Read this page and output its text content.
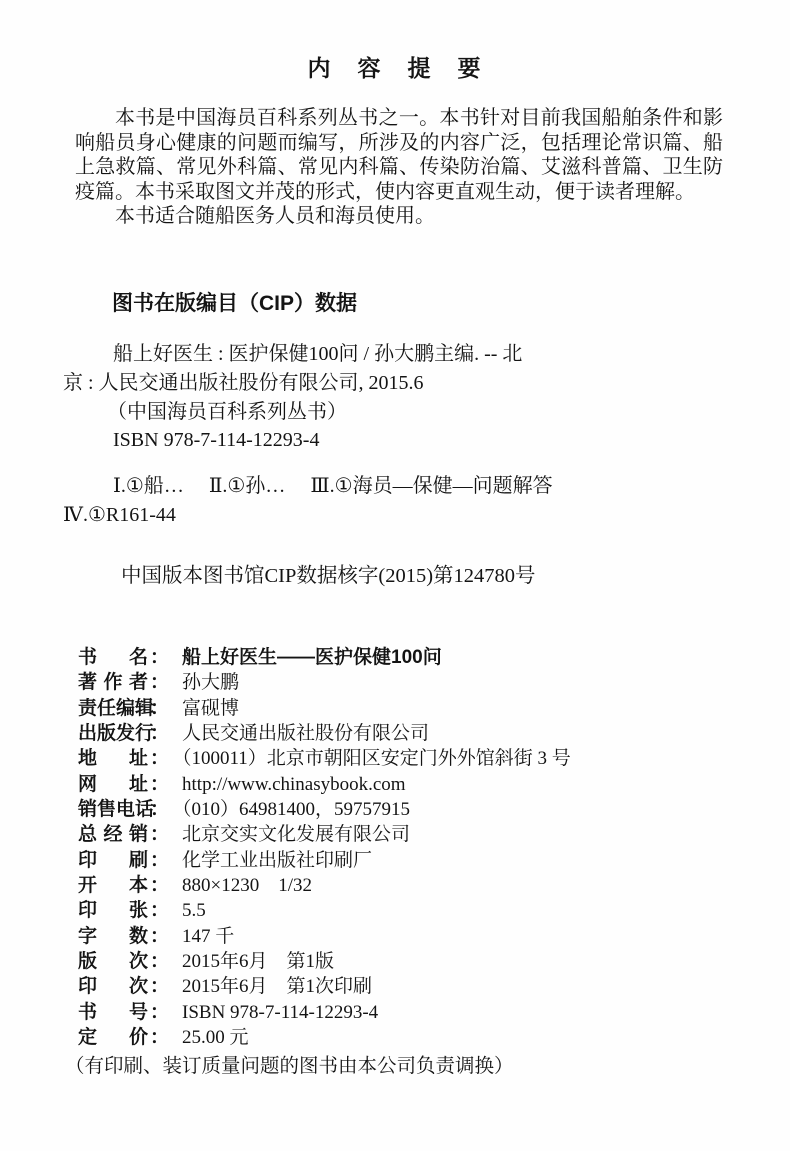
内　容　提　要

本书是中国海员百科系列丛书之一。本书针对目前我国船舶条件和影响船员身心健康的问题而编写，所涉及的内容广泛，包括理论常识篇、船上急救篇、常见外科篇、常见内科篇、传染防治篇、艾滋科普篇、卫生防疫篇。本书采取图文并茂的形式，使内容更直观生动，便于读者理解。

本书适合随船医务人员和海员使用。

图书在版编目（CIP）数据
船上好医生 : 医护保健100问 / 孙大鹏主编. -- 北
京 : 人民交通出版社股份有限公司, 2015.6
（中国海员百科系列丛书）
ISBN 978-7-114-12293-4
Ⅰ.①船…　 Ⅱ.①孙…　 Ⅲ.①海员—保健—问题解答
Ⅳ.①R161-44

中国版本图书馆CIP数据核字(2015)第124780号

书名 ： 船上好医生——医护保健100问
著作者 ： 孙大鹏
责任编辑： 富砚博
出版发行： 人民交通出版社股份有限公司
地址 ： （100011）北京市朝阳区安定门外外馆斜街 3 号
网址 ： http://www.chinasybook.com
销售电话： （010）64981400，59757915
总经销 ： 北京交实文化发展有限公司
印刷 ： 化学工业出版社印刷厂
开本 ： 880×1230　1/32
印张 ： 5.5
字数 ： 147 千
版次 ： 2015年6月　第1版
印次 ： 2015年6月　第1次印刷
书号 ： ISBN 978-7-114-12293-4
定价 ： 25.00 元

（有印刷、装订质量问题的图书由本公司负责调换）
